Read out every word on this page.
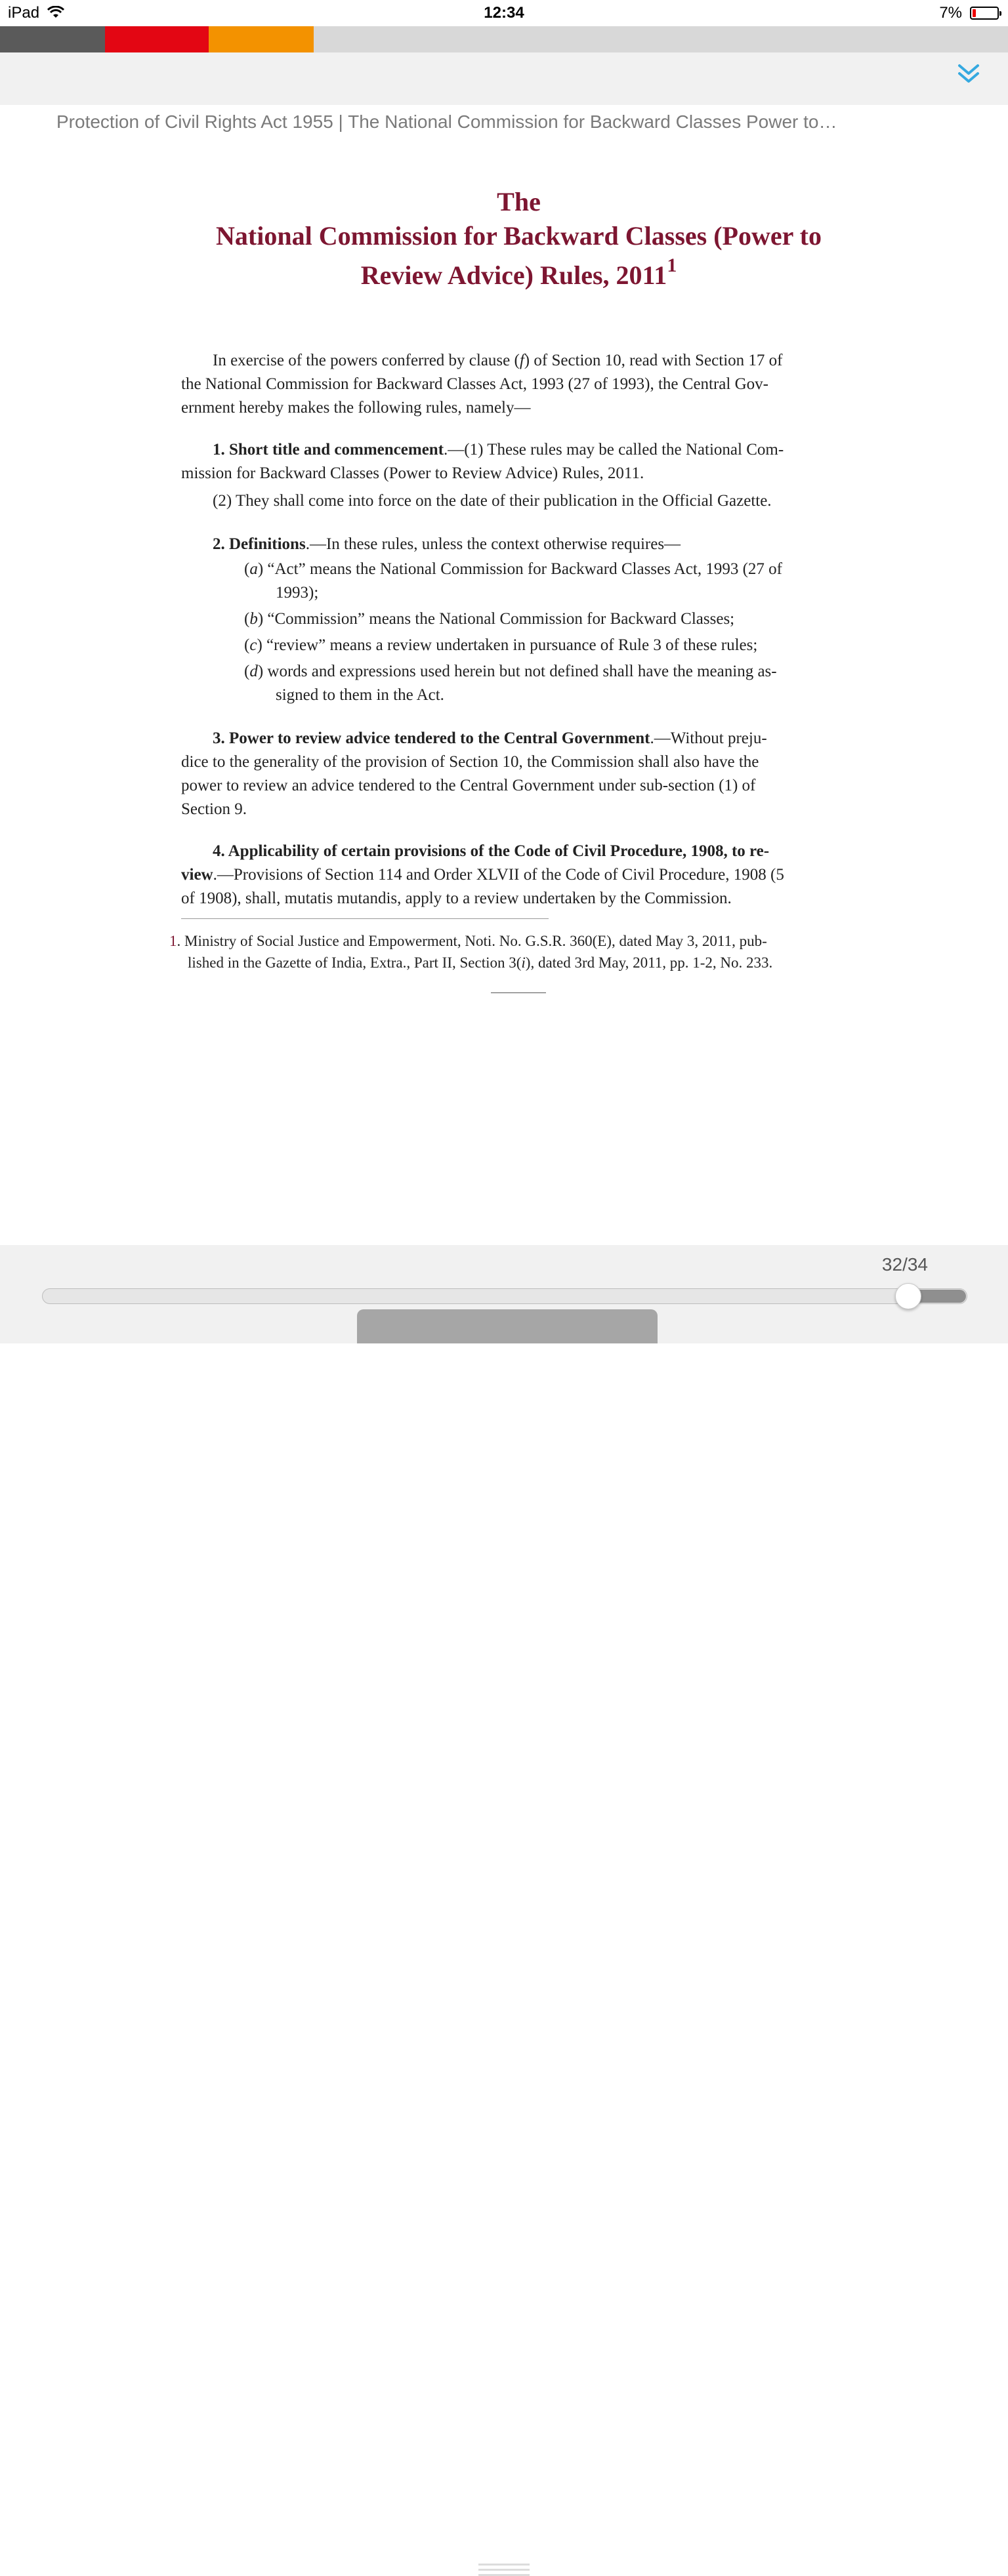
iPad	12:34	7%
Protection of Civil Rights Act 1955 | The National Commission for Backward Classes Power to…
The
National Commission for Backward Classes (Power to
Review Advice) Rules, 2011$^1$
In exercise of the powers conferred by clause (f) of Section 10, read with Section 17 of
the National Commission for Backward Classes Act, 1993 (27 of 1993), the Central Gov-
ernment hereby makes the following rules, namely—
1. Short title and commencement.—(1) These rules may be called the National Com-
mission for Backward Classes (Power to Review Advice) Rules, 2011.
(2) They shall come into force on the date of their publication in the Official Gazette.
2. Definitions.—In these rules, unless the context otherwise requires—
(a) “Act” means the National Commission for Backward Classes Act, 1993 (27 of
1993);
(b) “Commission” means the National Commission for Backward Classes;
(c) “review” means a review undertaken in pursuance of Rule 3 of these rules;
(d) words and expressions used herein but not defined shall have the meaning as-
signed to them in the Act.
3. Power to review advice tendered to the Central Government.—Without preju-
dice to the generality of the provision of Section 10, the Commission shall also have the
power to review an advice tendered to the Central Government under sub-section (1) of
Section 9.
4. Applicability of certain provisions of the Code of Civil Procedure, 1908, to re-
view.—Provisions of Section 114 and Order XLVII of the Code of Civil Procedure, 1908 (5
of 1908), shall, mutatis mutandis, apply to a review undertaken by the Commission.
1. Ministry of Social Justice and Empowerment, Noti. No. G.S.R. 360(E), dated May 3, 2011, pub-
lished in the Gazette of India, Extra., Part II, Section 3(i), dated 3rd May, 2011, pp. 1-2, No. 233.
32/34
